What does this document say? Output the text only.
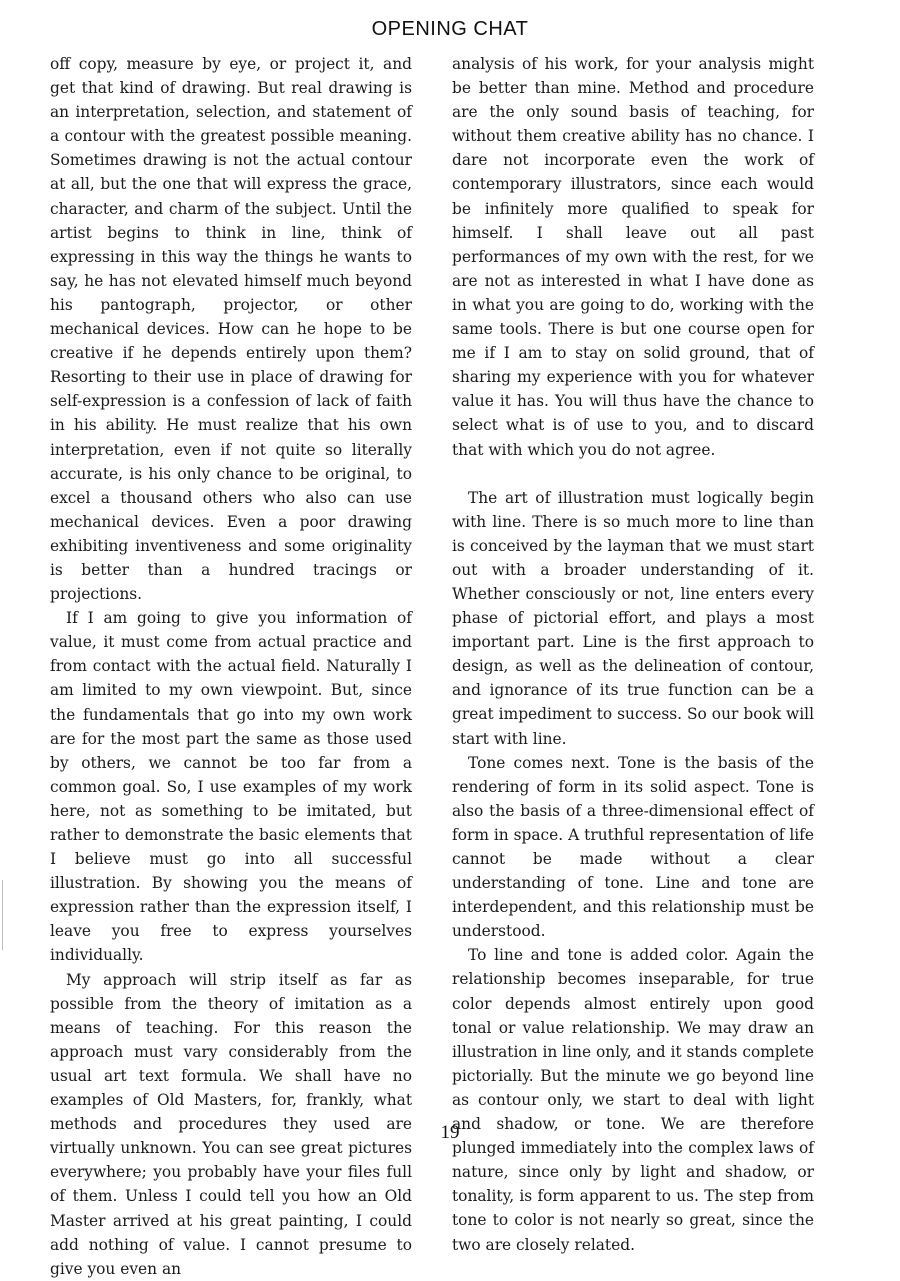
OPENING CHAT

off copy, measure by eye, or project it, and get that kind of drawing. But real drawing is an interpretation, selection, and statement of a contour with the greatest possible meaning. Sometimes drawing is not the actual contour at all, but the one that will express the grace, character, and charm of the subject. Until the artist begins to think in line, think of expressing in this way the things he wants to say, he has not elevated himself much beyond his pantograph, projector, or other mechanical devices. How can he hope to be creative if he depends entirely upon them? Resorting to their use in place of drawing for self-expression is a confession of lack of faith in his ability. He must realize that his own interpretation, even if not quite so literally accurate, is his only chance to be original, to excel a thousand others who also can use mechanical devices. Even a poor drawing exhibiting inventiveness and some originality is better than a hundred tracings or projections.

If I am going to give you information of value, it must come from actual practice and from contact with the actual field. Naturally I am limited to my own viewpoint. But, since the fundamentals that go into my own work are for the most part the same as those used by others, we cannot be too far from a common goal. So, I use examples of my work here, not as something to be imitated, but rather to demonstrate the basic elements that I believe must go into all successful illustration. By showing you the means of expression rather than the expression itself, I leave you free to express yourselves individually.

My approach will strip itself as far as possible from the theory of imitation as a means of teaching. For this reason the approach must vary considerably from the usual art text formula. We shall have no examples of Old Masters, for, frankly, what methods and procedures they used are virtually unknown. You can see great pictures everywhere; you probably have your files full of them. Unless I could tell you how an Old Master arrived at his great painting, I could add nothing of value. I cannot presume to give you even an

analysis of his work, for your analysis might be better than mine. Method and procedure are the only sound basis of teaching, for without them creative ability has no chance. I dare not incorporate even the work of contemporary illustrators, since each would be infinitely more qualified to speak for himself. I shall leave out all past performances of my own with the rest, for we are not as interested in what I have done as in what you are going to do, working with the same tools. There is but one course open for me if I am to stay on solid ground, that of sharing my experience with you for whatever value it has. You will thus have the chance to select what is of use to you, and to discard that with which you do not agree.

The art of illustration must logically begin with line. There is so much more to line than is conceived by the layman that we must start out with a broader understanding of it. Whether consciously or not, line enters every phase of pictorial effort, and plays a most important part. Line is the first approach to design, as well as the delineation of contour, and ignorance of its true function can be a great impediment to success. So our book will start with line.

Tone comes next. Tone is the basis of the rendering of form in its solid aspect. Tone is also the basis of a three-dimensional effect of form in space. A truthful representation of life cannot be made without a clear understanding of tone. Line and tone are interdependent, and this relationship must be understood.

To line and tone is added color. Again the relationship becomes inseparable, for true color depends almost entirely upon good tonal or value relationship. We may draw an illustration in line only, and it stands complete pictorially. But the minute we go beyond line as contour only, we start to deal with light and shadow, or tone. We are therefore plunged immediately into the complex laws of nature, since only by light and shadow, or tonality, is form apparent to us. The step from tone to color is not nearly so great, since the two are closely related.

19
